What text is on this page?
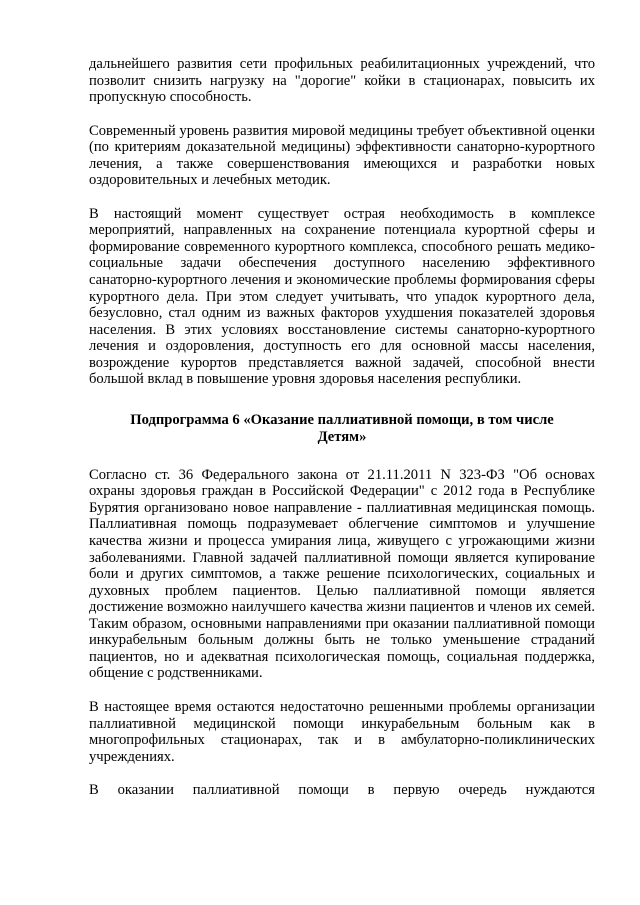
дальнейшего развития сети профильных реабилитационных учреждений, что позволит снизить нагрузку на "дорогие" койки в стационарах, повысить их пропускную способность.

Современный уровень развития мировой медицины требует объективной оценки (по критериям доказательной медицины) эффективности санаторно-курортного лечения, а также совершенствования имеющихся и разработки новых оздоровительных и лечебных методик.

В настоящий момент существует острая необходимость в комплексе мероприятий, направленных на сохранение потенциала курортной сферы и формирование современного курортного комплекса, способного решать медико-социальные задачи обеспечения доступного населению эффективного санаторно-курортного лечения и экономические проблемы формирования сферы курортного дела. При этом следует учитывать, что упадок курортного дела, безусловно, стал одним из важных факторов ухудшения показателей здоровья населения. В этих условиях восстановление системы санаторно-курортного лечения и оздоровления, доступность его для основной массы населения, возрождение курортов представляется важной задачей, способной внести большой вклад в повышение уровня здоровья населения республики.

Подпрограмма 6 «Оказание паллиативной помощи, в том числе
Детям»

Согласно ст. 36 Федерального закона от 21.11.2011 N 323-ФЗ "Об основах охраны здоровья граждан в Российской Федерации" с 2012 года в Республике Бурятия организовано новое направление - паллиативная медицинская помощь. Паллиативная помощь подразумевает облегчение симптомов и улучшение качества жизни и процесса умирания лица, живущего с угрожающими жизни заболеваниями. Главной задачей паллиативной помощи является купирование боли и других симптомов, а также решение психологических, социальных и духовных проблем пациентов. Целью паллиативной помощи является достижение возможно наилучшего качества жизни пациентов и членов их семей. Таким образом, основными направлениями при оказании паллиативной помощи инкурабельным больным должны быть не только уменьшение страданий пациентов, но и адекватная психологическая помощь, социальная поддержка, общение с родственниками.

В настоящее время остаются недостаточно решенными проблемы организации паллиативной медицинской помощи инкурабельным больным как в многопрофильных стационарах, так и в амбулаторно-поликлинических учреждениях.

В оказании паллиативной помощи в первую очередь нуждаются
